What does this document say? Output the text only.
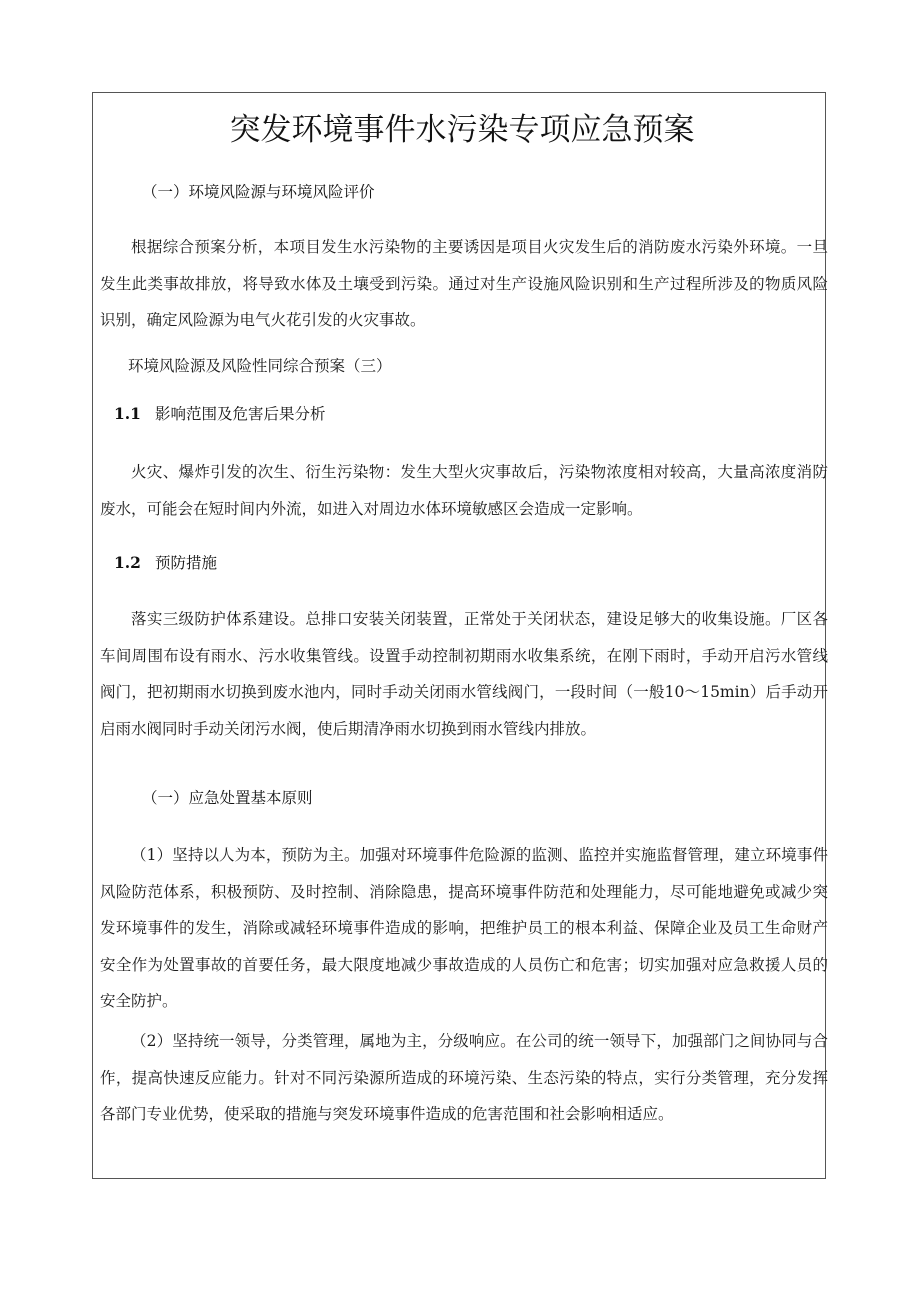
突发环境事件水污染专项应急预案
（一）环境风险源与环境风险评价
根据综合预案分析，本项目发生水污染物的主要诱因是项目火灾发生后的消防废水污染外环境。一旦发生此类事故排放，将导致水体及土壤受到污染。通过对生产设施风险识别和生产过程所涉及的物质风险识别，确定风险源为电气火花引发的火灾事故。
环境风险源及风险性同综合预案（三）
1.1 影响范围及危害后果分析
火灾、爆炸引发的次生、衍生污染物：发生大型火灾事故后，污染物浓度相对较高，大量高浓度消防废水，可能会在短时间内外流，如进入对周边水体环境敏感区会造成一定影响。
1.2 预防措施
落实三级防护体系建设。总排口安装关闭装置，正常处于关闭状态，建设足够大的收集设施。厂区各车间周围布设有雨水、污水收集管线。设置手动控制初期雨水收集系统，在刚下雨时，手动开启污水管线阀门，把初期雨水切换到废水池内，同时手动关闭雨水管线阀门，一段时间（一般10～15min）后手动开启雨水阀同时手动关闭污水阀，使后期清净雨水切换到雨水管线内排放。
（一）应急处置基本原则
（1）坚持以人为本，预防为主。加强对环境事件危险源的监测、监控并实施监督管理，建立环境事件风险防范体系，积极预防、及时控制、消除隐患，提高环境事件防范和处理能力，尽可能地避免或减少突发环境事件的发生，消除或减轻环境事件造成的影响，把维护员工的根本利益、保障企业及员工生命财产安全作为处置事故的首要任务，最大限度地减少事故造成的人员伤亡和危害；切实加强对应急救援人员的安全防护。
（2）坚持统一领导，分类管理，属地为主，分级响应。在公司的统一领导下，加强部门之间协同与合作，提高快速反应能力。针对不同污染源所造成的环境污染、生态污染的特点，实行分类管理，充分发挥各部门专业优势，使采取的措施与突发环境事件造成的危害范围和社会影响相适应。
